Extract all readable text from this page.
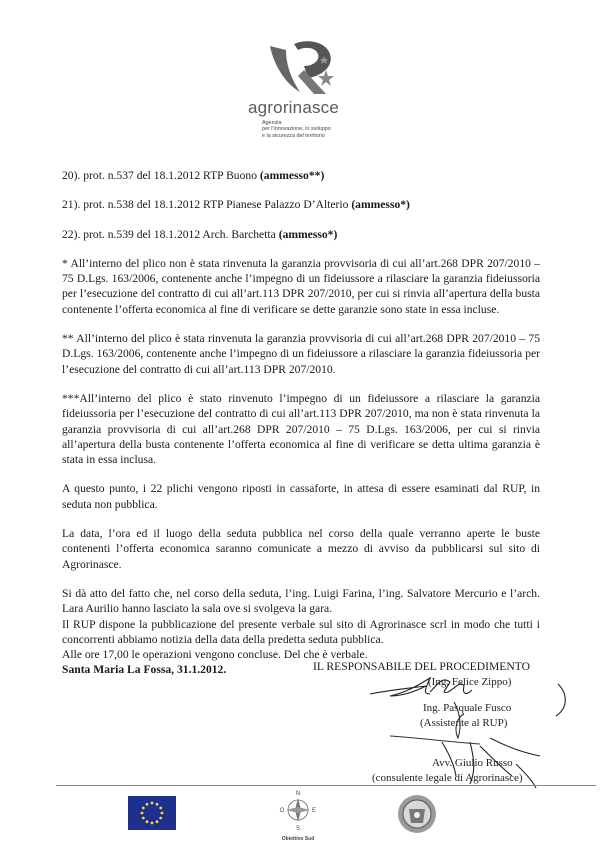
agrorinasce
Agenzia
per l'innovazione, lo sviluppo
e la sicurezza del territorio

20). prot. n.537 del 18.1.2012 RTP Buono (ammesso**)

21). prot. n.538 del 18.1.2012 RTP Pianese Palazzo D’Alterio (ammesso*)

22). prot. n.539 del 18.1.2012 Arch. Barchetta (ammesso*)

* All’interno del plico non è stata rinvenuta la garanzia provvisoria di cui all’art.268 DPR 207/2010 – 75 D.Lgs. 163/2006, contenente anche l’impegno di un fideiussore a rilasciare la garanzia fideiussoria per l’esecuzione del contratto di cui all’art.113 DPR 207/2010, per cui si rinvia all’apertura della busta contenente l’offerta economica al fine di verificare se dette garanzie sono state in essa incluse.

** All’interno del plico è stata rinvenuta la garanzia provvisoria di cui all’art.268 DPR 207/2010 – 75 D.Lgs. 163/2006, contenente anche l’impegno di un fideiussore a rilasciare la garanzia fideiussoria per l’esecuzione del contratto di cui all’art.113 DPR 207/2010.

***All’interno del plico è stato rinvenuto l’impegno di un fideiussore a rilasciare la garanzia fideiussoria per l’esecuzione del contratto di cui all’art.113 DPR 207/2010, ma non è stata rinvenuta la garanzia provvisoria di cui all’art.268 DPR 207/2010 – 75 D.Lgs. 163/2006, per cui si rinvia all’apertura della busta contenente l’offerta economica al fine di verificare se detta ultima garanzia è stata in essa inclusa.

A questo punto, i 22 plichi vengono riposti in cassaforte, in attesa di essere esaminati dal RUP, in seduta non pubblica.

La data, l’ora ed il luogo della seduta pubblica nel corso della quale verranno aperte le buste contenenti l’offerta economica saranno comunicate a mezzo di avviso da pubblicarsi sul sito di Agrorinasce.

Si dà atto del fatto che, nel corso della seduta, l’ing. Luigi Farina, l’ing. Salvatore Mercurio e l’arch. Lara Aurilio hanno lasciato la sala ove si svolgeva la gara.

Il RUP dispone la pubblicazione del presente verbale sul sito di Agrorinasce scrl in modo che tutti i concorrenti abbiamo notizia della data della predetta seduta pubblica.

Alle ore 17,00 le operazioni vengono concluse. Del che è verbale.

Santa Maria La Fossa, 31.1.2012.	IL RESPONSABILE DEL PROCEDIMENTO
(Ing. Felice Zippo)
Ing. Pasquale Fusco
(Assistente al RUP)
Avv. Giulio Russo
(consulente legale di Agrorinasce)
N
O	E
S
Obiettivo Sud
